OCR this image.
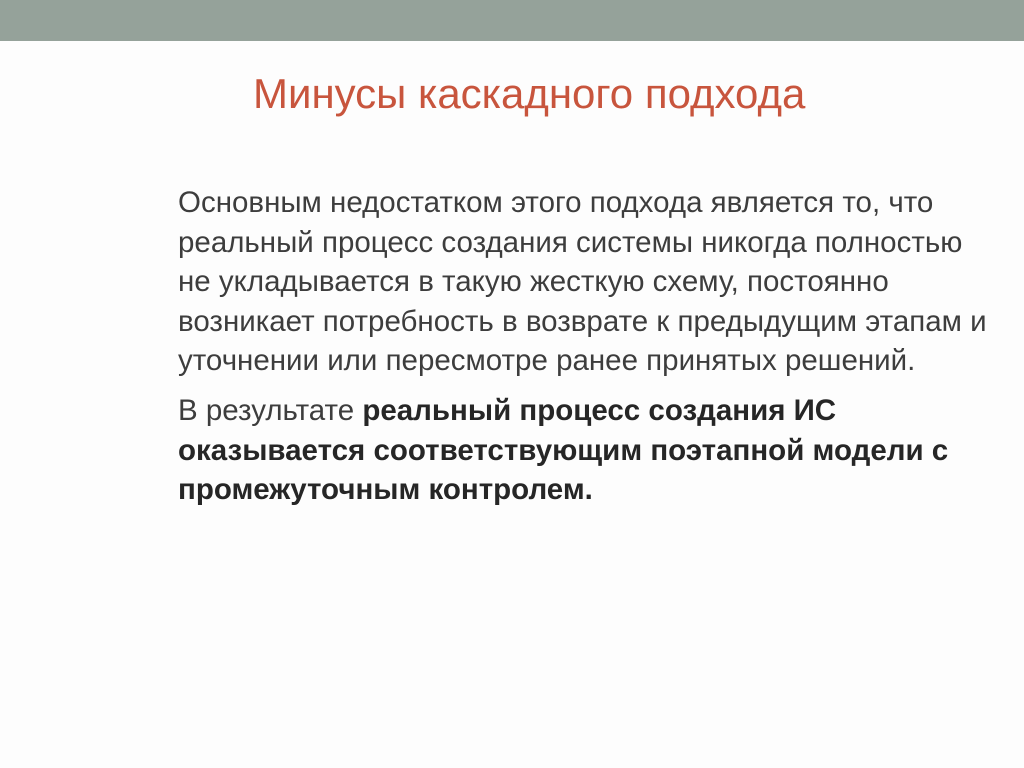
Минусы каскадного подхода

Основным недостатком этого подхода является то, что реальный процесс создания системы никогда полностью не укладывается в такую жесткую схему, постоянно возникает потребность в возврате к предыдущим этапам и уточнении или пересмотре ранее принятых решений.

В результате реальный процесс создания ИС оказывается соответствующим поэтапной модели с промежуточным контролем.
